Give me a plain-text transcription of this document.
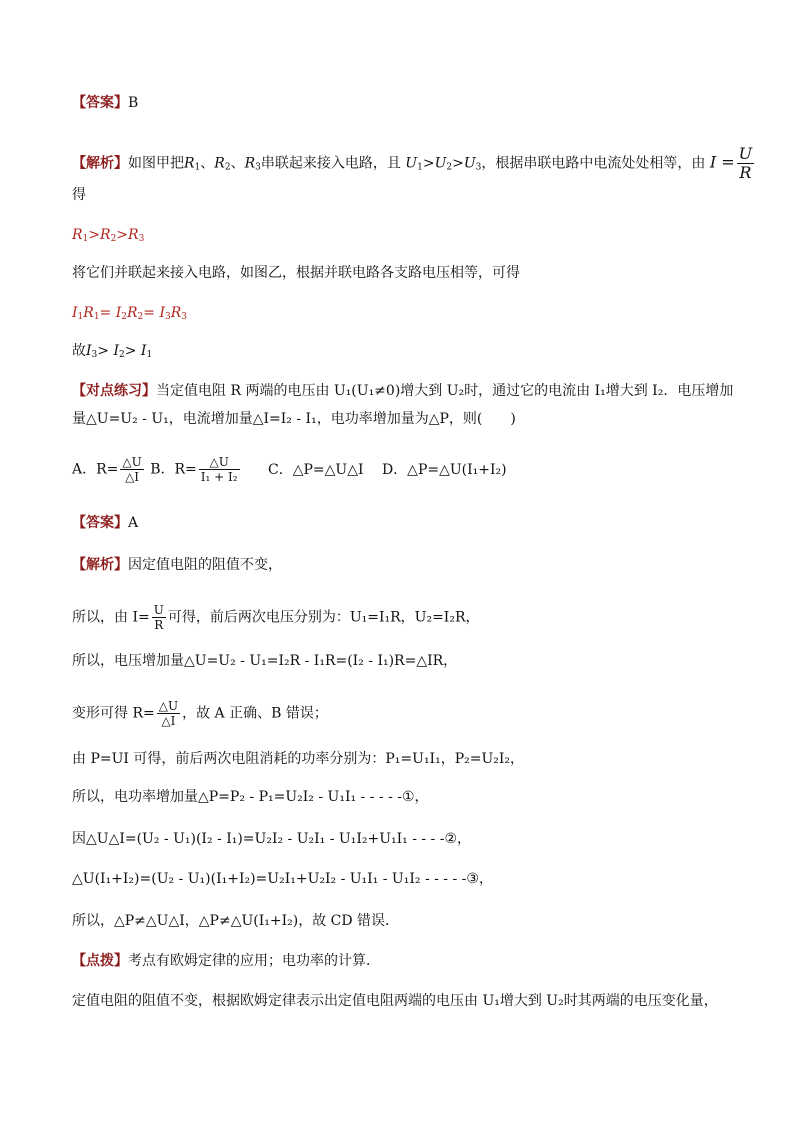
【答案】B

【解析】如图甲把$R_1$、$R_2$、$R_3$串联起来接入电路，且 $U_1>U_2>U_3$，根据串联电路中电流处处相等，由 $I = \frac{U}{R}$

得

$R_1>R_2>R_3$

将它们并联起来接入电路，如图乙，根据并联电路各支路电压相等，可得

$I_1R_1= I_2R_2= I_3R_3$

故$I_3> I_2> I_1$

【对点练习】当定值电阻 R 两端的电压由 U₁(U₁≠0)增大到 U₂时，通过它的电流由 I₁增大到 I₂．电压增加

量△U=U₂ - U₁，电流增加量△I=I₂ - I₁，电功率增加量为△P，则(　　)

A．$R= \frac{\triangle U}{\triangle I}$ B．$R= \frac{\triangle U}{\text{I₁ + I₂}}$ C．△P=△U△I D．△P=△U(I₁+I₂)

【答案】A

【解析】因定值电阻的阻值不变，

所以，由 $I= \frac{U}{R}$ 可得，前后两次电压分别为：U₁=I₁R，U₂=I₂R，

所以，电压增加量△U=U₂ - U₁=I₂R - I₁R=(I₂ - I₁)R=△IR，

变形可得 $R= \frac{\triangle U}{\triangle I}$ ，故 A 正确、B 错误；

由 P=UI 可得，前后两次电阻消耗的功率分别为：P₁=U₁I₁，P₂=U₂I₂，

所以，电功率增加量△P=P₂ - P₁=U₂I₂ - U₁I₁ - - - - -①，

因△U△I=(U₂ - U₁)(I₂ - I₁)=U₂I₂ - U₂I₁ - U₁I₂+U₁I₁ - - - -②，

△U(I₁+I₂)=(U₂ - U₁)(I₁+I₂)=U₂I₁+U₂I₂ - U₁I₁ - U₁I₂ - - - - -③，

所以，△P≠△U△I，△P≠△U(I₁+I₂)，故 CD 错误．

【点拨】考点有欧姆定律的应用；电功率的计算．

定值电阻的阻值不变，根据欧姆定律表示出定值电阻两端的电压由 U₁增大到 U₂时其两端的电压变化量，
